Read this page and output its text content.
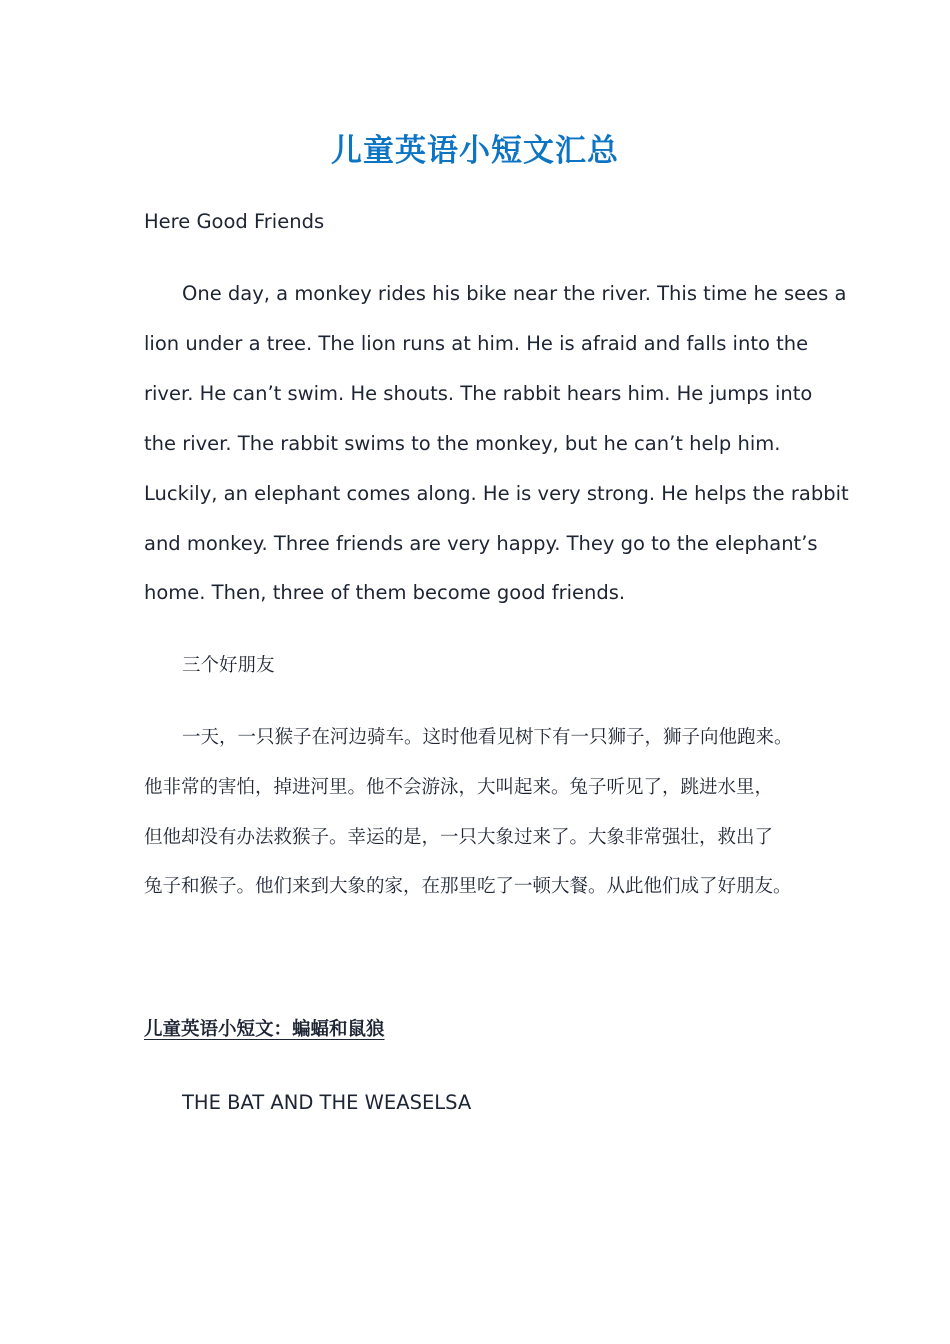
儿童英语小短文汇总

Here Good Friends

One day, a monkey rides his bike near the river. This time he sees a

lion under a tree. The lion runs at him. He is afraid and falls into the

river. He can’t swim. He shouts. The rabbit hears him. He jumps into

the river. The rabbit swims to the monkey, but he can’t help him.

Luckily, an elephant comes along. He is very strong. He helps the rabbit

and monkey. Three friends are very happy. They go to the elephant’s

home. Then, three of them become good friends.

三个好朋友

一天，一只猴子在河边骑车。这时他看见树下有一只狮子，狮子向他跑来。

他非常的害怕，掉进河里。他不会游泳，大叫起来。兔子听见了，跳进水里，

但他却没有办法救猴子。幸运的是，一只大象过来了。大象非常强壮，救出了

兔子和猴子。他们来到大象的家，在那里吃了一顿大餐。从此他们成了好朋友。

儿童英语小短文：蝙蝠和鼠狼

THE BAT AND THE WEASELSA
